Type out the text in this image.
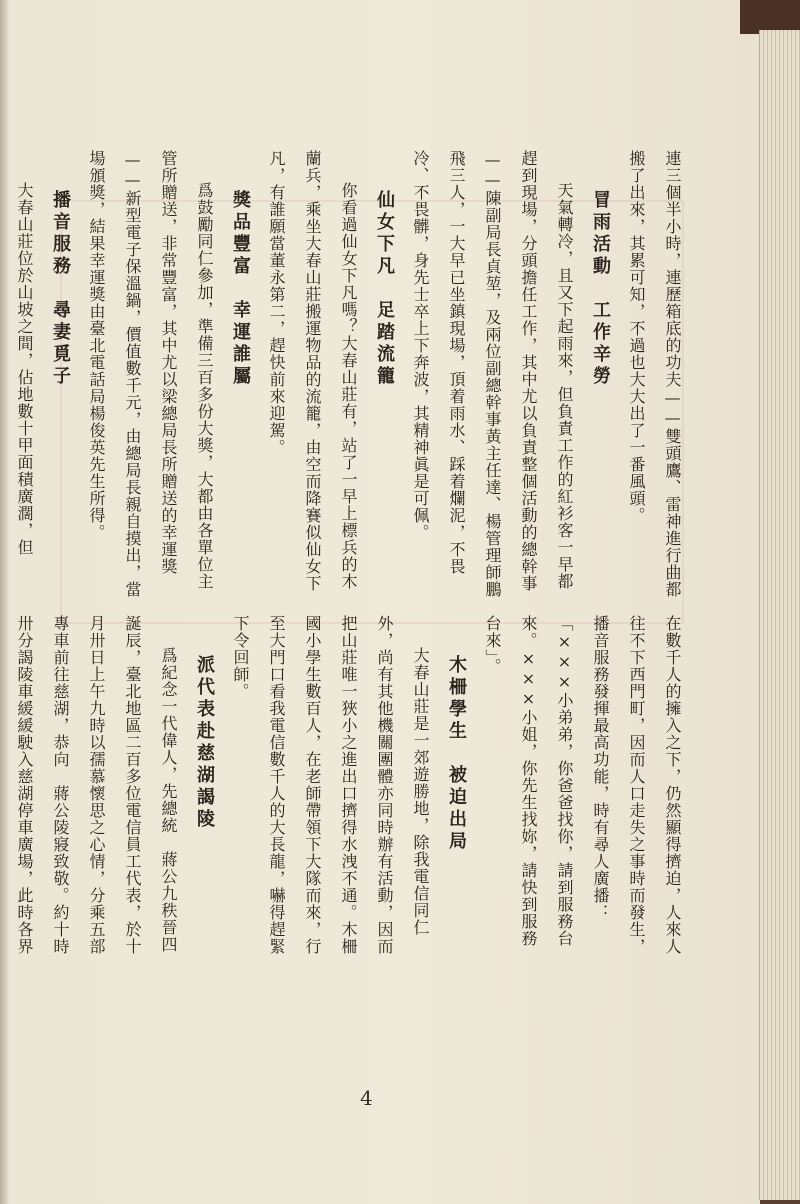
連三個半小時，連歷箱底的功夫——雙頭鷹、雷神進行曲都搬了出來，其累可知，不過也大大出了一番風頭。

冒雨活動　工作辛勞

天氣轉冷，且又下起雨來，但負責工作的紅衫客一早都趕到現場，分頭擔任工作，其中尤以負責整個活動的總幹事——陳副局長貞堃，及兩位副總幹事黃主任達、楊管理師鵬飛三人，一大早已坐鎮現場，頂着雨水、踩着爛泥，不畏冷、不畏髒，身先士卒上下奔波，其精神眞是可佩。

仙女下凡　足踏流籠

你看過仙女下凡嗎？大春山莊有，站了一早上標兵的木蘭兵，乘坐大春山莊搬運物品的流籠，由空而降賽似仙女下凡，有誰願當董永第二，趕快前來迎駕。

獎品豐富　幸運誰屬

爲鼓勵同仁參加，準備三百多份大獎，大都由各單位主管所贈送，非常豐富，其中尤以梁總局長所贈送的幸運獎——新型電子保溫鍋，價值數千元，由總局長親自摸出，當場頒獎，結果幸運獎由臺北電話局楊俊英先生所得。

播音服務　尋妻覓子

大春山莊位於山坡之間，佔地數十甲面積廣濶，但

在數千人的擁入之下，仍然顯得擠迫，人來人往不下西門町，因而人口走失之事時而發生，播音服務發揮最高功能，時有尋人廣播：「×××小弟弟，你爸爸找你，請到服務台來。×××小姐，你先生找妳，請快到服務台來」。

木柵學生　被迫出局

大春山莊是一郊遊勝地，除我電信同仁外，尚有其他機關團體亦同時辦有活動，因而把山莊唯一狹小之進出口擠得水洩不通。木柵國小學生數百人，在老師帶領下大隊而來，行至大門口看我電信數千人的大長龍，嚇得趕緊下令回師。

派代表赴慈湖謁陵

爲紀念一代偉人，先總統　蔣公九秩晉四誕辰，臺北地區二百多位電信員工代表，於十月卅日上午九時以孺慕懷思之心情，分乘五部專車前往慈湖，恭向　蔣公陵寢致敬。約十時卅分謁陵車緩緩駛入慈湖停車廣場，此時各界　

4
